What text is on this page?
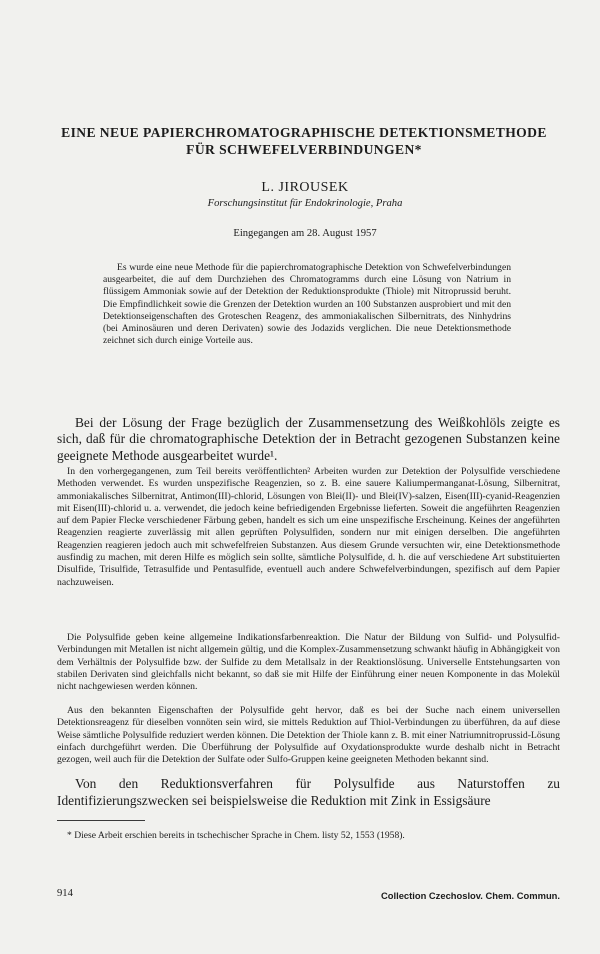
EINE NEUE PAPIERCHROMATOGRAPHISCHE DETEKTIONSMETHODE
FÜR SCHWEFELVERBINDUNGEN*
L. JIROUSEK
Forschungsinstitut für Endokrinologie, Praha
Eingegangen am 28. August 1957

Es wurde eine neue Methode für die papierchromatographische Detektion von Schwefelverbindungen ausgearbeitet, die auf dem Durchziehen des Chromatogramms durch eine Lösung von Natrium in flüssigem Ammoniak sowie auf der Detektion der Reduktionsprodukte (Thiole) mit Nitroprussid beruht. Die Empfindlichkeit sowie die Grenzen der Detektion wurden an 100 Substanzen ausprobiert und mit den Detektionseigenschaften des Groteschen Reagenz, des ammoniakalischen Silbernitrats, des Ninhydrins (bei Aminosäuren und deren Derivaten) sowie des Jodazids verglichen. Die neue Detektionsmethode zeichnet sich durch einige Vorteile aus.

Bei der Lösung der Frage bezüglich der Zusammensetzung des Weißkohlöls zeigte es sich, daß für die chromatographische Detektion der in Betracht gezogenen Substanzen keine geeignete Methode ausgearbeitet wurde¹.

In den vorhergegangenen, zum Teil bereits veröffentlichten² Arbeiten wurden zur Detektion der Polysulfide verschiedene Methoden verwendet. Es wurden unspezifische Reagenzien, so z. B. eine sauere Kaliumpermanganat-Lösung, Silbernitrat, ammoniakalisches Silbernitrat, Antimon(III)-chlorid, Lösungen von Blei(II)- und Blei(IV)-salzen, Eisen(III)-cyanid-Reagenzien mit Eisen(III)-chlorid u. a. verwendet, die jedoch keine befriedigenden Ergebnisse lieferten. Soweit die angeführten Reagenzien auf dem Papier Flecke verschiedener Färbung geben, handelt es sich um eine unspezifische Erscheinung. Keines der angeführten Reagenzien reagierte zuverlässig mit allen geprüften Polysulfiden, sondern nur mit einigen derselben. Die angeführten Reagenzien reagieren jedoch auch mit schwefelfreien Substanzen. Aus diesem Grunde versuchten wir, eine Detektionsmethode ausfindig zu machen, mit deren Hilfe es möglich sein sollte, sämtliche Polysulfide, d. h. die auf verschiedene Art substituierten Disulfide, Trisulfide, Tetrasulfide und Pentasulfide, eventuell auch andere Schwefelverbindungen, spezifisch auf dem Papier nachzuweisen.

Die Polysulfide geben keine allgemeine Indikationsfarbenreaktion. Die Natur der Bildung von Sulfid- und Polysulfid-Verbindungen mit Metallen ist nicht allgemein gültig, und die Komplex-Zusammensetzung schwankt häufig in Abhängigkeit von dem Verhältnis der Polysulfide bzw. der Sulfide zu dem Metallsalz in der Reaktionslösung. Universelle Entstehungsarten von stabilen Derivaten sind gleichfalls nicht bekannt, so daß sie mit Hilfe der Einführung einer neuen Komponente in das Molekül nicht nachgewiesen werden können.

Aus den bekannten Eigenschaften der Polysulfide geht hervor, daß es bei der Suche nach einem universellen Detektionsreagenz für dieselben vonnöten sein wird, sie mittels Reduktion auf Thiol-Verbindungen zu überführen, da auf diese Weise sämtliche Polysulfide reduziert werden können. Die Detektion der Thiole kann z. B. mit einer Natriumnitroprussid-Lösung einfach durchgeführt werden. Die Überführung der Polysulfide auf Oxydationsprodukte wurde deshalb nicht in Betracht gezogen, weil auch für die Detektion der Sulfate oder Sulfo-Gruppen keine geeigneten Methoden bekannt sind.

Von den Reduktionsverfahren für Polysulfide aus Naturstoffen zu Identifizierungszwecken sei beispielsweise die Reduktion mit Zink in Essigsäure

* Diese Arbeit erschien bereits in tschechischer Sprache in Chem. listy 52, 1553 (1958).

914	Collection Czechoslov. Chem. Commun.
